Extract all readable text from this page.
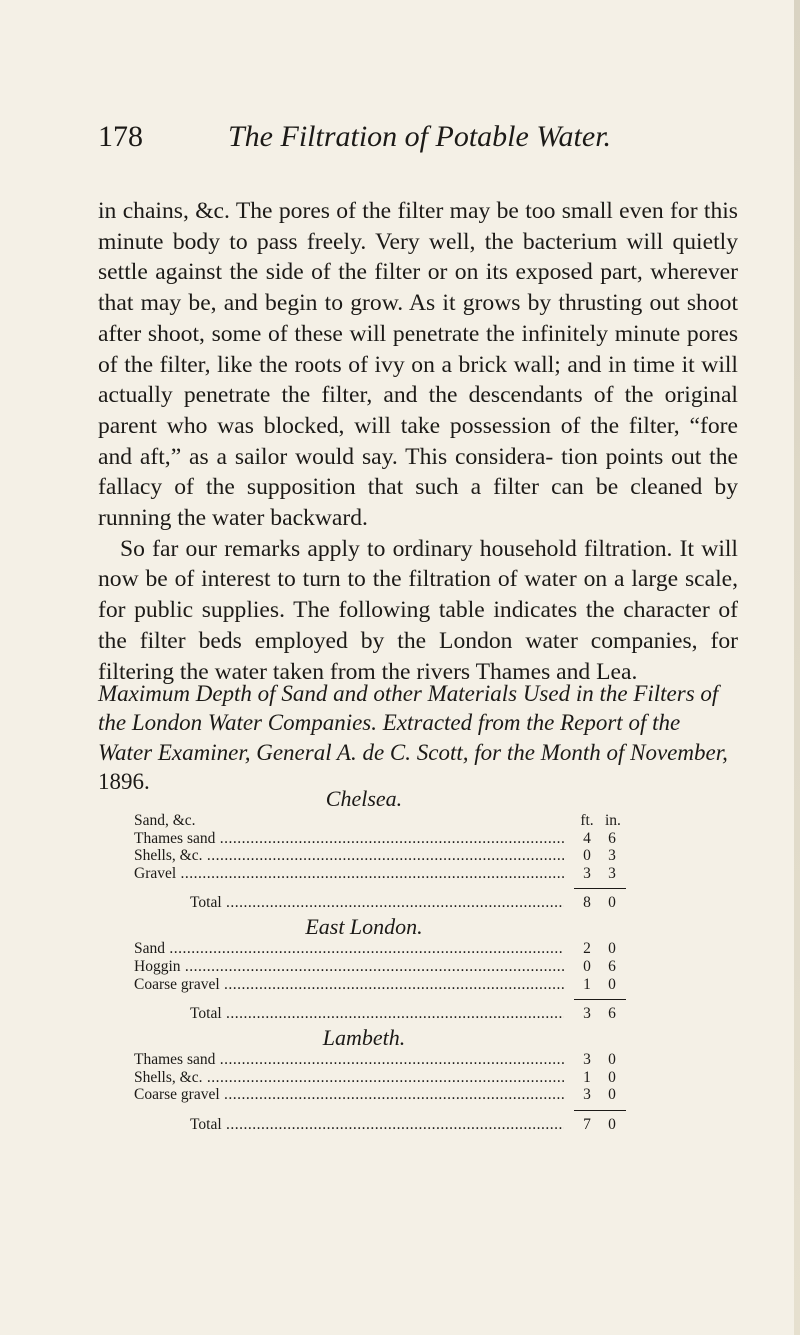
178	The Filtration of Potable Water.

in chains, &c. The pores of the filter may be too small even for this minute body to pass freely. Very well, the bacterium will quietly settle against the side of the filter or on its exposed part, wherever that may be, and begin to grow. As it grows by thrusting out shoot after shoot, some of these will penetrate the infinitely minute pores of the filter, like the roots of ivy on a brick wall; and in time it will actually penetrate the filter, and the descendants of the original parent who was blocked, will take possession of the filter, “fore and aft,” as a sailor would say. This considera- tion points out the fallacy of the supposition that such a filter can be cleaned by running the water backward.

So far our remarks apply to ordinary household filtration. It will now be of interest to turn to the filtration of water on a large scale, for public supplies. The following table indicates the character of the filter beds employed by the London water companies, for filtering the water taken from the rivers Thames and Lea.

Maximum Depth of Sand and other Materials Used in the Filters of the London Water Companies. Extracted from the Report of the Water Examiner, General A. de C. Scott, for the Month of November, 1896.
Chelsea.
Sand, &c.	ft. in.
Thames sand .....	4 6
Shells, &c. .....	0 3
Gravel .....	3 3
Total .....	8 0
East London.
Sand .....	2 0
Hoggin .....	0 6
Coarse gravel .....	1 0
Total .....	3 6
Lambeth.
Thames sand .....	3 0
Shells, &c. .....	1 0
Coarse gravel .....	3 0
Total .....	7 0
